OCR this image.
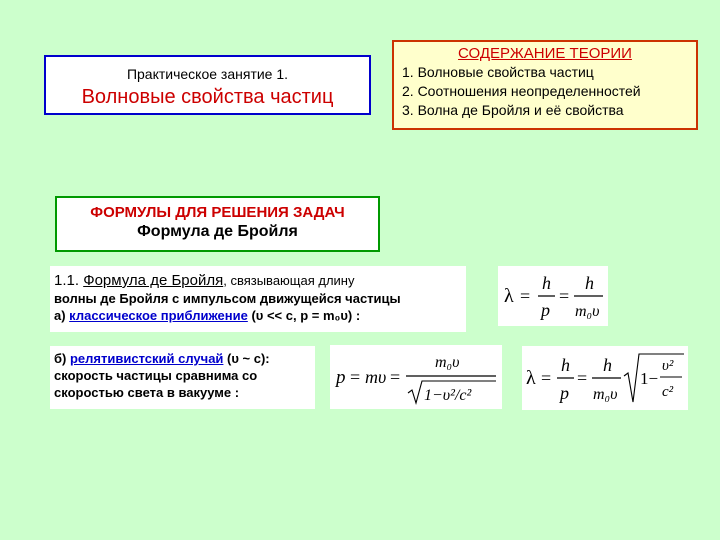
Практическое занятие 1.
Волновые свойства частиц
СОДЕРЖАНИЕ ТЕОРИИ
1. Волновые свойства частиц
2. Соотношения неопределенностей
3. Волна де Бройля и её свойства
ФОРМУЛЫ ДЛЯ РЕШЕНИЯ ЗАДАЧ
Формула де Бройля
1.1. Формула де Бройля, связывающая длину
волны де Бройля с импульсом движущейся частицы
а) классическое приближение (υ << c, p = m₀υ) :
б) релятивистский случай (υ ~ c):
скорость частицы сравнима со
скоростью света в вакууме :
λ =
h
p
=
h
m₀υ
p = mυ =
m₀υ
1−υ²/c²
λ =
h
p
=
h
m₀υ
1−
υ²
c²
